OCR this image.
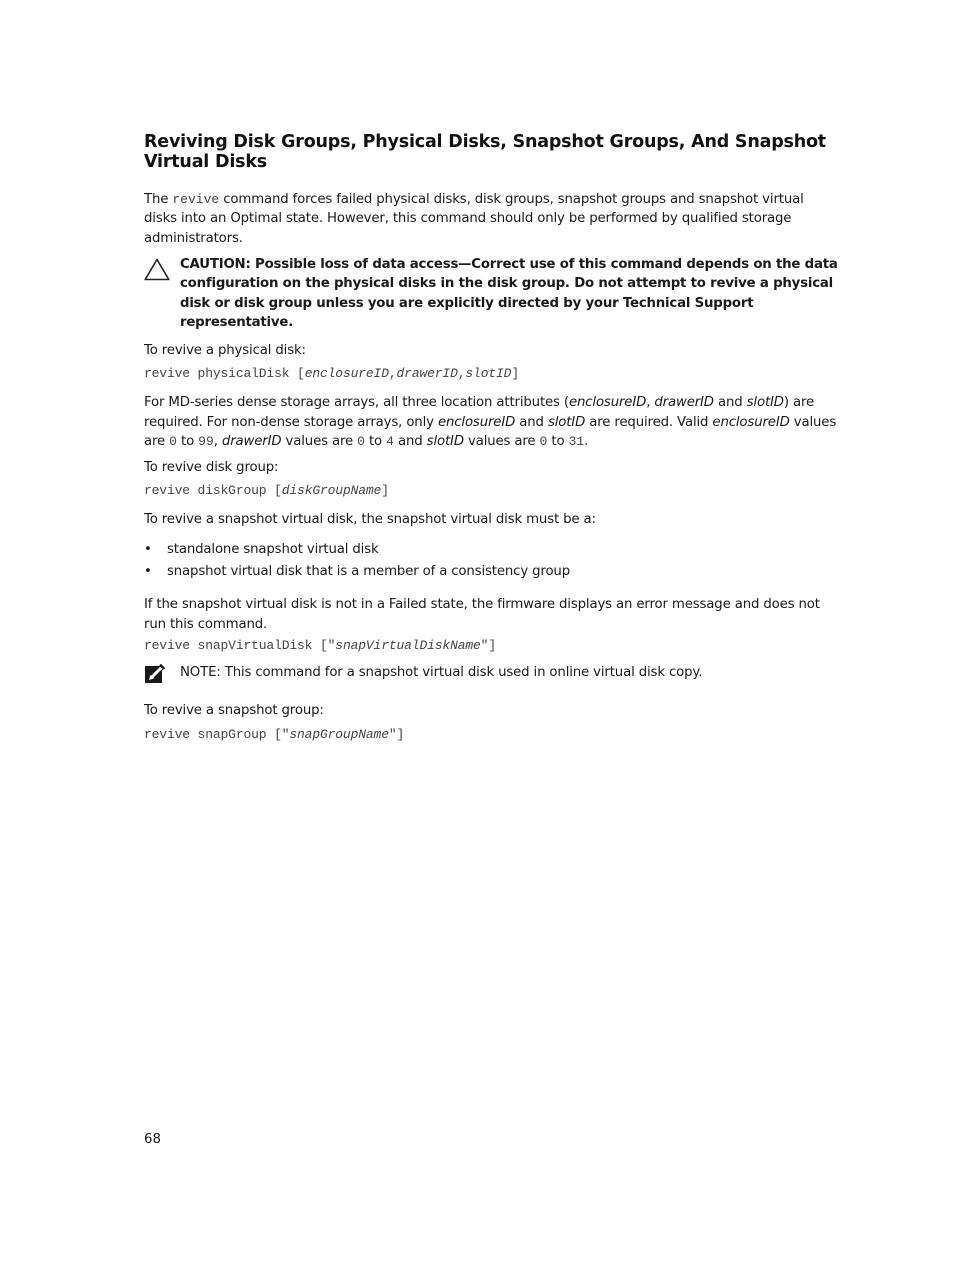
Reviving Disk Groups, Physical Disks, Snapshot Groups, And Snapshot Virtual Disks

The revive command forces failed physical disks, disk groups, snapshot groups and snapshot virtual disks into an Optimal state. However, this command should only be performed by qualified storage administrators.

CAUTION: Possible loss of data access—Correct use of this command depends on the data configuration on the physical disks in the disk group. Do not attempt to revive a physical disk or disk group unless you are explicitly directed by your Technical Support representative.

To revive a physical disk:

revive physicalDisk [enclosureID,drawerID,slotID]

For MD-series dense storage arrays, all three location attributes (enclosureID, drawerID and slotID) are required. For non-dense storage arrays, only enclosureID and slotID are required. Valid enclosureID values are 0 to 99, drawerID values are 0 to 4 and slotID values are 0 to 31.

To revive disk group:

revive diskGroup [diskGroupName]

To revive a snapshot virtual disk, the snapshot virtual disk must be a:

• standalone snapshot virtual disk
• snapshot virtual disk that is a member of a consistency group

If the snapshot virtual disk is not in a Failed state, the firmware displays an error message and does not run this command.

revive snapVirtualDisk ["snapVirtualDiskName"]

NOTE: This command for a snapshot virtual disk used in online virtual disk copy.

To revive a snapshot group:

revive snapGroup ["snapGroupName"]

68
